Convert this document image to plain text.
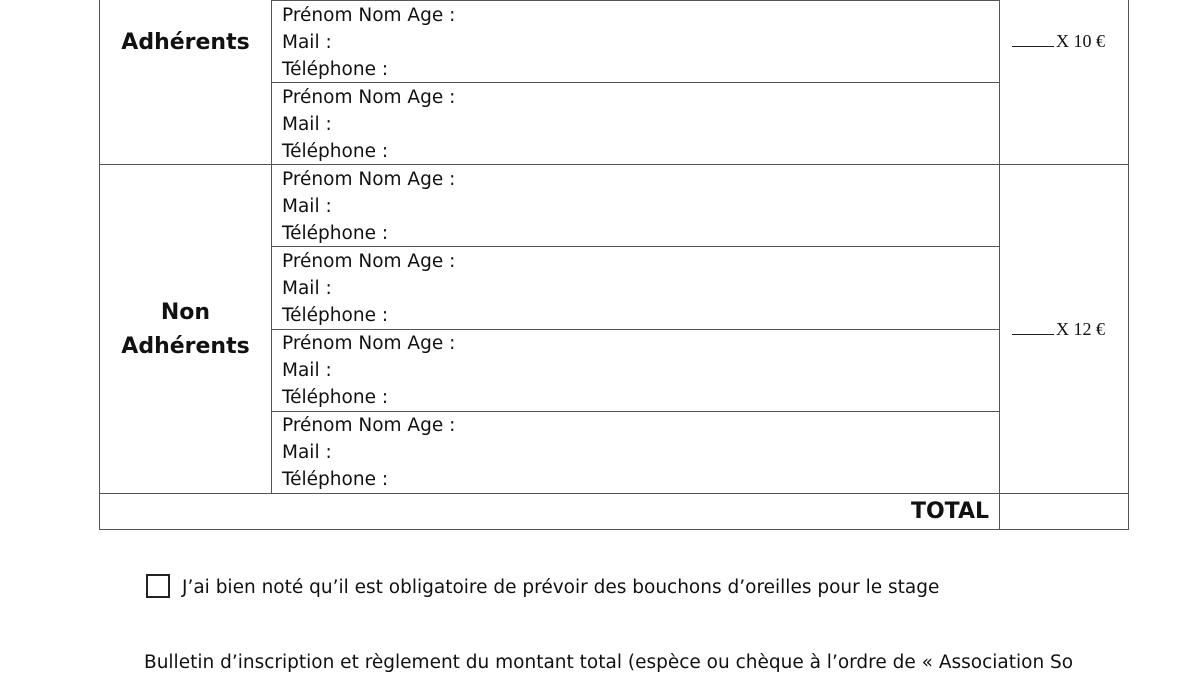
Adhérents
Non
Adhérents
Prénom Nom Age :
Mail :
Téléphone :
Prénom Nom Age :
Mail :
Téléphone :
Prénom Nom Age :
Mail :
Téléphone :
Prénom Nom Age :
Mail :
Téléphone :
Prénom Nom Age :
Mail :
Téléphone :
Prénom Nom Age :
Mail :
Téléphone :
X 10 €
X 12 €
TOTAL
J’ai bien noté qu’il est obligatoire de prévoir des bouchons d’oreilles pour le stage
Bulletin d’inscription et règlement du montant total (espèce ou chèque à l’ordre de « Association So
